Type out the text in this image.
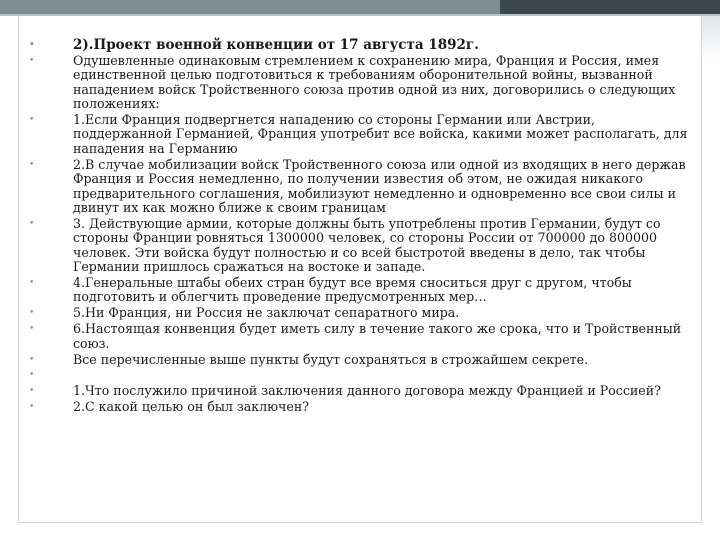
•	2).Проект военной конвенции от 17 августа 1892г.
•	Одушевленные одинаковым стремлением к сохранению мира, Франция и Россия, имея единственной целью подготовиться к требованиям оборонительной войны, вызванной нападением войск Тройственного союза против одной из них, договорились о следующих положениях:
•	1.Если Франция подвергнется нападению со стороны Германии или Австрии, поддержанной Германией, Франция употребит все войска, какими может располагать, для нападения на Германию
•	2.В случае мобилизации войск Тройственного союза или одной из входящих в него держав Франция и Россия немедленно, по получении известия об этом, не ожидая никакого предварительного соглашения, мобилизуют немедленно и одновременно все свои силы и двинут их как можно ближе к своим границам
•	3. Действующие армии, которые должны быть употреблены против Германии, будут со стороны Франции ровняться 1300000 человек, со стороны России от 700000 до 800000 человек. Эти войска будут полностью и со всей быстротой введены в дело, так чтобы Германии пришлось сражаться на востоке и западе.
•	4.Генеральные штабы обеих стран будут все время сноситься друг с другом, чтобы подготовить и облегчить проведение предусмотренных мер…
•	5.Ни Франция, ни Россия не заключат сепаратного мира.
•	6.Настоящая конвенция будет иметь силу в течение такого же срока, что и Тройственный союз.
•	Все перечисленные выше пункты будут сохраняться в строжайшем секрете.
•
•	1.Что послужило причиной заключения данного договора между Францией и Россией?
•	2.С какой целью он был заключен?
